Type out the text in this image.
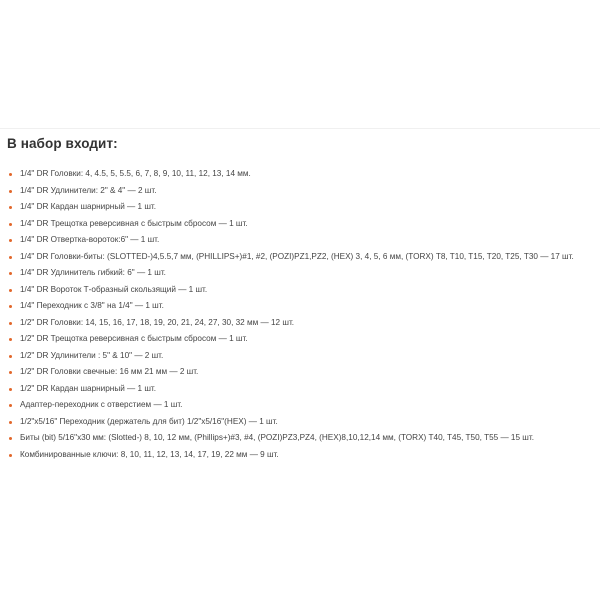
В набор входит:
1/4" DR Головки: 4, 4.5, 5, 5.5, 6, 7, 8, 9, 10, 11, 12, 13, 14 мм.
1/4" DR Удлинители: 2" & 4" — 2 шт.
1/4" DR Кардан шарнирный — 1 шт.
1/4" DR Трещотка реверсивная с быстрым сбросом — 1 шт.
1/4" DR Отвертка-вороток:6" — 1 шт.
1/4" DR Головки-биты: (SLOTTED-)4,5.5,7 мм, (PHILLIPS+)#1, #2, (POZI)PZ1,PZ2, (HEX) 3, 4, 5, 6 мм, (TORX) T8, T10, T15, T20, T25, T30 — 17 шт.
1/4" DR Удлинитель гибкий: 6" — 1 шт.
1/4" DR Вороток Т-образный скользящий — 1 шт.
1/4" Переходник с 3/8" на 1/4" — 1 шт.
1/2" DR Головки: 14, 15, 16, 17, 18, 19, 20, 21, 24, 27, 30, 32 мм — 12 шт.
1/2" DR Трещотка реверсивная с быстрым сбросом — 1 шт.
1/2" DR Удлинители : 5" & 10" — 2 шт.
1/2" DR Головки свечные: 16 мм 21 мм — 2 шт.
1/2" DR Кардан шарнирный — 1 шт.
Адаптер-переходник с отверстием — 1 шт.
1/2"x5/16" Переходник (держатель для бит) 1/2"x5/16"(HEX) — 1 шт.
Биты (bit) 5/16"x30 мм: (Slotted-) 8, 10, 12 мм, (Phillips+)#3, #4, (POZI)PZ3,PZ4, (HEX)8,10,12,14 мм, (TORX) T40, T45, T50, T55 — 15 шт.
Комбинированные ключи: 8, 10, 11, 12, 13, 14, 17, 19, 22 мм — 9 шт.
